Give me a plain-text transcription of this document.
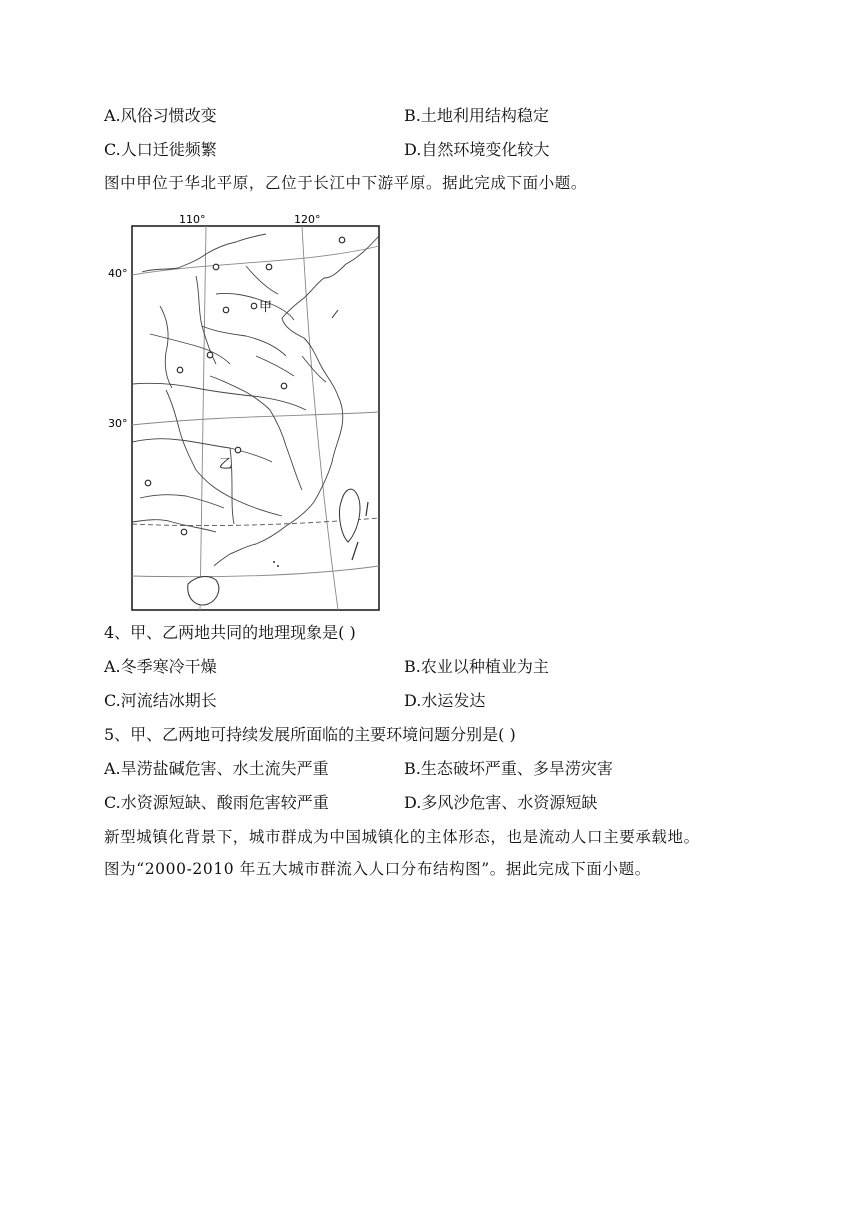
A.风俗习惯改变	B.土地利用结构稳定
C.人口迁徙频繁	D.自然环境变化较大
图中甲位于华北平原，乙位于长江中下游平原。据此完成下面小题。
110°	120°
40°
30°
甲
乙
4、甲、乙两地共同的地理现象是( )
A.冬季寒冷干燥	B.农业以种植业为主
C.河流结冰期长	D.水运发达
5、甲、乙两地可持续发展所面临的主要环境问题分别是( )
A.旱涝盐碱危害、水土流失严重	B.生态破坏严重、多旱涝灾害
C.水资源短缺、酸雨危害较严重	D.多风沙危害、水资源短缺
新型城镇化背景下，城市群成为中国城镇化的主体形态，也是流动人口主要承载地。
图为“2000-2010 年五大城市群流入人口分布结构图”。据此完成下面小题。
